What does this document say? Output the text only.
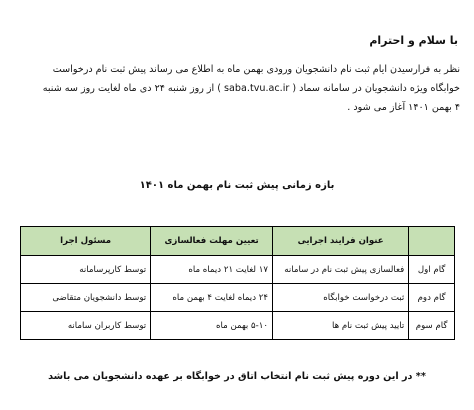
با سلام و احترام
نظر به فرارسیدن ایام ثبت نام دانشجویان ورودی بهمن ماه به اطلاع می رساند پیش ثبت نام درخواست
خوابگاه ویژه دانشجویان در سامانه سماد ( saba.tvu.ac.ir ) از روز شنبه ۲۴ دی ماه لغایت روز سه شنبه
۴ بهمن ۱۴۰۱ آغاز می شود .
بازه زمانی پیش ثبت نام بهمن ماه ۱۴۰۱
	عنوان فرایند اجرایی	تعیین مهلت فعالسازی	مسئول اجرا
گام اول	فعالسازی پیش ثبت نام در سامانه	۱۷ لغایت ۲۱ دیماه ماه	توسط کارپرسامانه
گام دوم	ثبت درخواست خوابگاه	۲۴ دیماه لغایت ۴ بهمن ماه	توسط دانشجویان متقاضی
گام سوم	تایید پیش ثبت نام ها	۵-۱۰ بهمن ماه	توسط کاربران سامانه
** در این دوره پیش ثبت نام انتخاب اتاق در خوابگاه بر عهده دانشجویان می باشد
